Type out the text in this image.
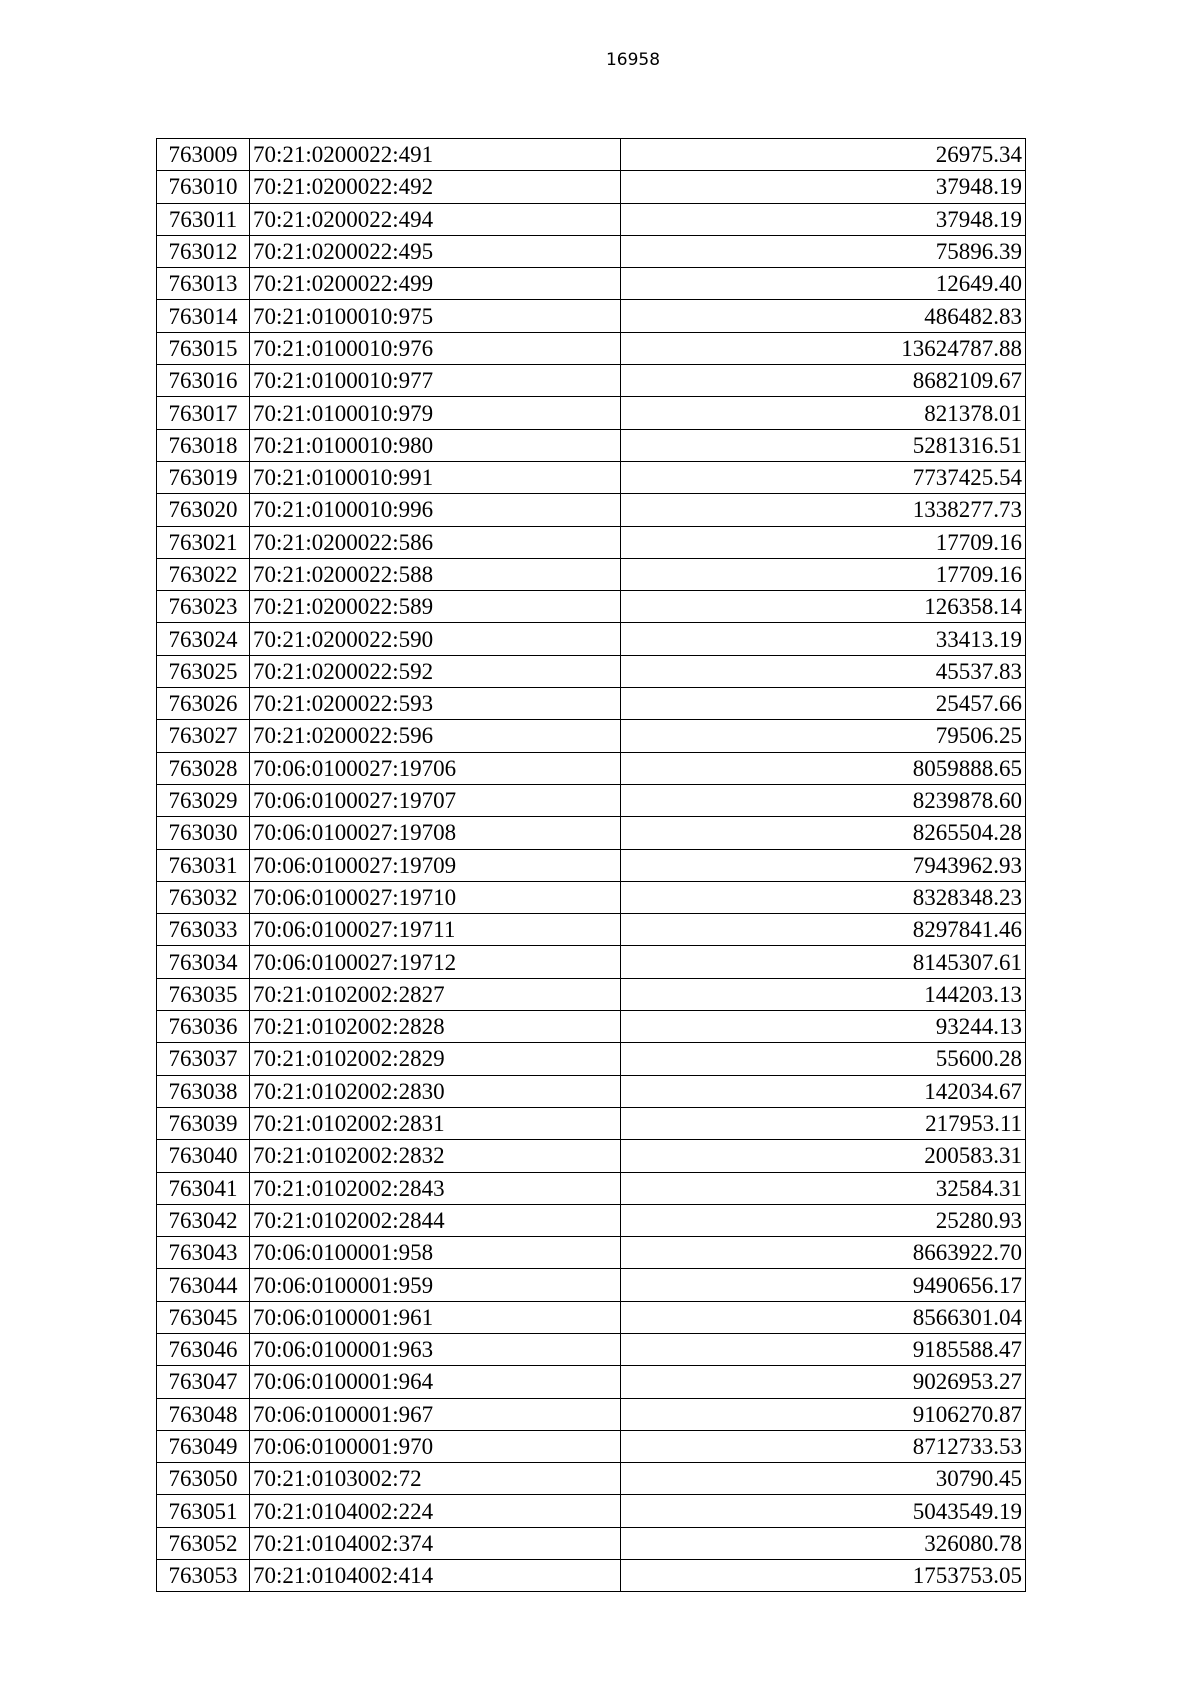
16958
763009	70:21:0200022:491	26975.34
763010	70:21:0200022:492	37948.19
763011	70:21:0200022:494	37948.19
763012	70:21:0200022:495	75896.39
763013	70:21:0200022:499	12649.40
763014	70:21:0100010:975	486482.83
763015	70:21:0100010:976	13624787.88
763016	70:21:0100010:977	8682109.67
763017	70:21:0100010:979	821378.01
763018	70:21:0100010:980	5281316.51
763019	70:21:0100010:991	7737425.54
763020	70:21:0100010:996	1338277.73
763021	70:21:0200022:586	17709.16
763022	70:21:0200022:588	17709.16
763023	70:21:0200022:589	126358.14
763024	70:21:0200022:590	33413.19
763025	70:21:0200022:592	45537.83
763026	70:21:0200022:593	25457.66
763027	70:21:0200022:596	79506.25
763028	70:06:0100027:19706	8059888.65
763029	70:06:0100027:19707	8239878.60
763030	70:06:0100027:19708	8265504.28
763031	70:06:0100027:19709	7943962.93
763032	70:06:0100027:19710	8328348.23
763033	70:06:0100027:19711	8297841.46
763034	70:06:0100027:19712	8145307.61
763035	70:21:0102002:2827	144203.13
763036	70:21:0102002:2828	93244.13
763037	70:21:0102002:2829	55600.28
763038	70:21:0102002:2830	142034.67
763039	70:21:0102002:2831	217953.11
763040	70:21:0102002:2832	200583.31
763041	70:21:0102002:2843	32584.31
763042	70:21:0102002:2844	25280.93
763043	70:06:0100001:958	8663922.70
763044	70:06:0100001:959	9490656.17
763045	70:06:0100001:961	8566301.04
763046	70:06:0100001:963	9185588.47
763047	70:06:0100001:964	9026953.27
763048	70:06:0100001:967	9106270.87
763049	70:06:0100001:970	8712733.53
763050	70:21:0103002:72	30790.45
763051	70:21:0104002:224	5043549.19
763052	70:21:0104002:374	326080.78
763053	70:21:0104002:414	1753753.05
